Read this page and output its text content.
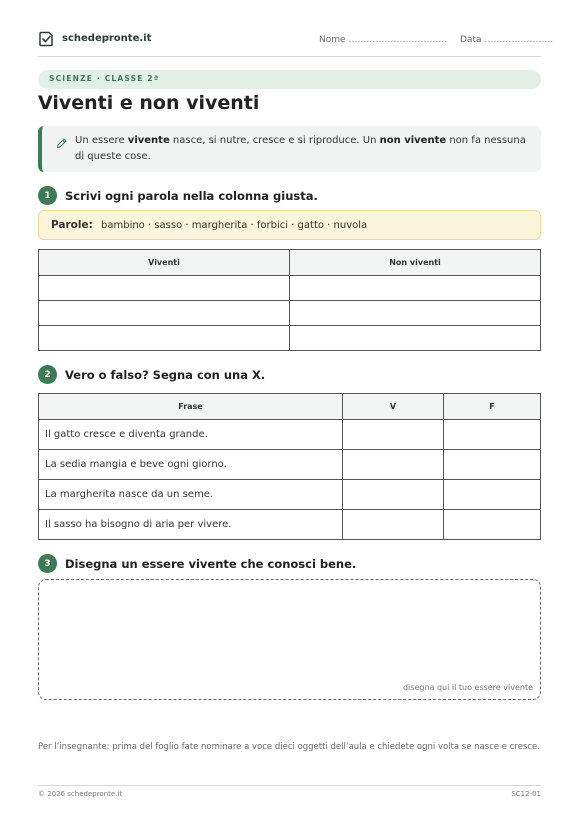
schedepronte.it	Nome …………………………… Data …………………..
SCIENZE · CLASSE 2ª
Viventi e non viventi
Un essere vivente nasce, si nutre, cresce e si riproduce. Un non vivente non fa nessuna di queste cose.
1	Scrivi ogni parola nella colonna giusta.
Parole: bambino · sasso · margherita · forbici · gatto · nuvola
Viventi	Non viventi

2	Vero o falso? Segna con una X.
Frase	V	F
Il gatto cresce e diventa grande.		
La sedia mangia e beve ogni giorno.		
La margherita nasce da un seme.		
Il sasso ha bisogno di aria per vivere.		
3	Disegna un essere vivente che conosci bene.
disegna qui il tuo essere vivente

Per l’insegnante: prima del foglio fate nominare a voce dieci oggetti dell’aula e chiedete ogni volta se nasce e cresce.

© 2026 schedepronte.it	SC12-01
